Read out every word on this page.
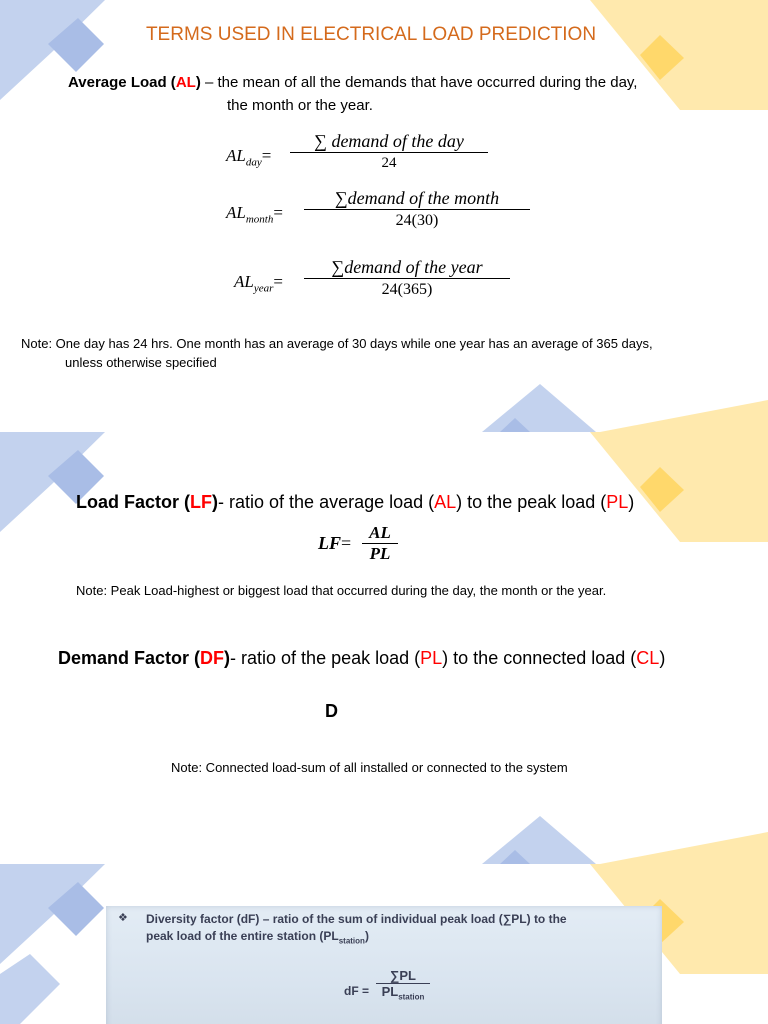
TERMS USED IN ELECTRICAL LOAD PREDICTION
Average Load (AL) – the mean of all the demands that have occurred during the day,
the month or the year.
$AL_{day}=$
∑ demand of the day
24
$AL_{month}=$
∑demand of the month
24(30)
$AL_{year}=$
∑demand of the year
24(365)
Note: One day has 24 hrs. One month has an average of 30 days while one year has an average of 365 days,
unless otherwise specified
Load Factor (LF)- ratio of the average load (AL) to the peak load (PL)
$LF= \frac{AL}{PL}$
Note: Peak Load-highest or biggest load that occurred during the day, the month or the year.
Demand Factor (DF)- ratio of the peak load (PL) to the connected load (CL)
D
Note: Connected load-sum of all installed or connected to the system
❖ Diversity factor (dF) – ratio of the sum of individual peak load (∑PL) to the
peak load of the entire station $(PL_{station})$
dF =
∑PL
$PL_{station}$
